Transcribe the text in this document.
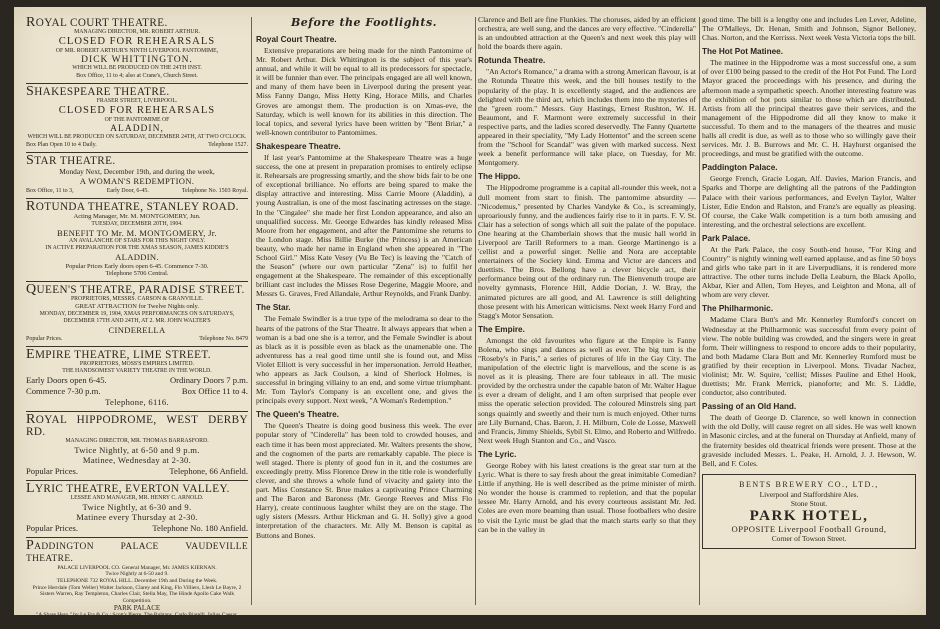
ROYAL COURT THEATRE.
MANAGING DIRECTOR, MR. ROBERT ARTHUR.
CLOSED FOR REHEARSALS
OF MR. ROBERT ARTHUR'S NINTH LIVERPOOL PANTOMIME,
DICK WHITTINGTON.
WHICH WILL BE PRODUCED ON THE 24TH INST.
Box Office, 11 to 4; also at Crane's, Church Street.
SHAKESPEARE THEATRE.
FRASER STREET, LIVERPOOL.
CLOSED FOR REHEARSALS
OF THE PANTOMIME OF
ALADDIN,
WHICH WILL BE PRODUCED ON SATURDAY, DECEMBER 24TH, AT TWO O'CLOCK.
Box Plan Open 10 to 4 Daily.	Telephone 1527.
STAR THEATRE.
Monday Next, December 19th, and during the week,
A WOMAN'S REDEMPTION.
Box Office, 11 to 3,	Early Door, 6-45.	Telephone No. 1503 Royal.
ROTUNDA THEATRE, STANLEY ROAD.
Acting Manager, Mr. M. MONTGOMERY, Jun.
TUESDAY, DECEMBER 20TH, 1904.
BENEFIT TO Mr. M. MONTGOMERY, Jr.
AN AVALANCHE OF STARS FOR THIS NIGHT ONLY.
IN ACTIVE PREPARATION FOR THE XMAS SEASON, JAMES KIDDIE'S
ALADDIN.
Popular Prices Early doors open 6-45. Commence 7-30.
Telephone 5706 Central.
QUEEN'S THEATRE, PARADISE STREET.
PROPRIETORS, MESSRS. CARSON & GRANVILLE.
GREAT ATTRACTION for Twelve Nights only.
MONDAY, DECEMBER 19, 1904, XMAS PERFORMANCES ON SATURDAYS, DECEMBER 17TH AND 24TH, AT 2. MR. JOHN WALTER'S
CINDERELLA
Popular Prices.	Telephone No. 8479
EMPIRE THEATRE, LIME STREET.
PROPRIETORS, MOSS'S EMPIRES LIMITED.
THE HANDSOMEST VARIETY THEATRE IN THE WORLD.
Early Doors open 6-45.	Ordinary Doors 7 p.m.
Commence 7-30 p.m.	Box Office 11 to 4.
Telephone, 6116.
ROYAL HIPPODROME, WEST DERBY RD.
MANAGING DIRECTOR, MR. THOMAS BARRASFORD.
Twice Nightly, at 6-50 and 9 p.m.
Matinee, Wednesday at 2-30.
Popular Prices.	Telephone, 66 Anfield.
LYRIC THEATRE, EVERTON VALLEY.
LESSEE AND MANAGER, MR. HENRY C. ARNOLD.
Twice Nightly, at 6-30 and 9.
Matinee every Thursday at 2-30.
Popular Prices.	Telephone No. 180 Anfield.
PADDINGTON PALACE VAUDEVILLE THEATRE.
PALACE LIVERPOOL CO. General Manager, Mr. JAMES KIERNAN.
Twice Nightly at 6-50 and 9.
TELEPHONE 732 ROYAL HILL. December 19th and During the Week.
Prince Herrdale (Tom Weller) Walter Jackson, Clarey and King, Flo Villiers, Llesh Le Bayre, 2 Sisters Warren, Ray Templeton, Charles Clair, Stella May, The Hinde Apollo Cake Walk Competition.
PARK PALACE
"A Share Hero," by Le Fra & Co.; Scott's Pierre, The Ruhtans, Carlo Biarelli, Julius Caesar, O'Connor and Brayne, J. P. Kennedy & Co, Bergi Stage.
Before the Footlights.
Royal Court Theatre.

Extensive preparations are being made for the ninth Pantomime of Mr. Robert Arthur. Dick Whittington is the subject of this year's annual, and while it will be equal to all its predecessors for spectacle, it will be funnier than ever. The principals engaged are all well known, and many of them have been in Liverpool during the present year. Miss Fanny Dango, Miss Hetty King, Horace Mills, and Charles Groves are amongst them. The production is on Xmas-eve, the Saturday, which is well known for its abilities in this direction. The local topics, and several lyrics have been written by "Bent Briar," a well-known contributor to Pantomimes.

Shakespeare Theatre.

If last year's Pantomime at the Shakespeare Theatre was a huge success, the one at present in preparation promises to entirely eclipse it. Rehearsals are progressing smartly, and the show bids fair to be one of exceptional brilliance. No efforts are being spared to make the display attractive and interesting. Miss Carrie Moore (Aladdin), a young Australian, is one of the most fascinating actresses on the stage. In the "Cingalee" she made her first London appearance, and also an unqualified success. Mr. George Edwardes has kindly released Miss Moore from her engagement, and after the Pantomime she returns to the London stage. Miss Billie Burke (the Princess) is an American beauty, who made her name in England when she appeared in "The School Girl." Miss Kate Vesey (Vu Be Tec) is leaving the "Catch of the Season" (where our own particular "Zena" is) to fulfil her engagement at the Shakespeare. The remainder of this exceptionally brilliant cast includes the Misses Rose Degerine, Maggie Moore, and Messrs G. Graves, Fred Allandale, Arthur Reynolds, and Frank Danby.

The Star.

The Female Swindler is a true type of the melodrama so dear to the hearts of the patrons of the Star Theatre. It always appears that when a woman is a bad one she is a terror, and the Female Swindler is about as black as it is possible even as black as the unamenable one. The adventuress has a real good time until she is found out, and Miss Violet Elliott is very successful in her impersonation. Jerrold Heather, who appears as Jack Coulson, a kind of Sherlock Holmes, is successful in bringing villainy to an end, and some virtue triumphant. Mr. Tom Taylor's Company is an excellent one, and gives the principals every support. Next week, "A Woman's Redemption."

The Queen's Theatre.

The Queen's Theatre is doing good business this week. The ever popular story of "Cinderella" has been told to crowded houses, and each time it has been most appreciated. Mr. Walters presents the show, and the cognomen of the parts are remarkably capable. The piece is well staged. There is plenty of good fun in it, and the costumes are exceedingly pretty. Miss Florence Drew in the title role is wonderfully clever, and she throws a whole fund of vivacity and gaiety into the part. Miss Constance St. Brue makes a captivating Prince Charming and The Baron and Baroness (Mr. George Reeves and Miss Flo Harry), create continuous laughter whilst they are on the stage. The ugly sisters (Messrs. Arthur Hickman and G. H. Solly) give a good interpretation of the characters. Mr. Ally M. Benson is capital as Buttons and Bones.

Clarence and Bell are fine Flunkies. The choruses, aided by an efficient orchestra, are well sung, and the dances are very effective. "Cinderella" is an undoubted attraction at the Queen's and next week this play will hold the boards there again.

Rotunda Theatre.

"An Actor's Romance," a drama with a strong American flavour, is at the Rotunda Theatre this week, and the bill houses testify to the popularity of the play. It is excellently staged, and the audiences are delighted with the third act, which includes them into the mysteries of the "green room." Messrs. Guy Hastings, Ernest Rushton, W. H. Beaumont, and F. Marmont were extremely successful in their respective parts, and the ladies scored deservedly. The Fanny Quartette appeared in their speciality, "My Lady Hottentot" and the screen scene from the "School for Scandal" was given with marked success. Next week a benefit performance will take place, on Tuesday, for Mr. Montgomery.

The Hippo.

The Hippodrome programme is a capital all-rounder this week, not a dull moment from start to finish. The pantomime absurdity — "Nicodemus," presented by Charles Vandyke & Co., is screamingly, uproariously funny, and the audiences fairly rise to it in parts. F. V. St. Clair has a selection of songs which all suit the palate of the populace. One hearing at the Chamberlain shows that the music hall world in Liverpool are Tarill Reformers to a man. George Martinengo is a 'cellist and a powerful singer. Nellie and Nora are acceptable entertainers of the Society kind. Emma and Victor are dancers and duettists. The Bros. Bellong have a clever bicycle act, their performance being out of the ordinary run. The Bienvenuth troupe are novelty gymnasts, Florence Hill, Addie Dorian, J. W. Bray, the animated pictures are all good, and Al. Lawrence is still delighting those present with his American witticisms. Next week Harry Ford and Stagg's Motor Sensation.

The Empire.

Amongst the old favourites who figure at the Empire is Fanny Bolena, who sings and dances as well as ever. The big turn is the "Roseby's in Paris," a series of pictures of life in the Gay City. The manipulation of the electric light is marvellous, and the scene is as novel as it is pleasing. There are four tableaux in all. The music provided by the orchestra under the capable baton of Mr. Walter Hague is ever a dream of delight, and I am often surprised that people ever miss the operatic selection provided. The coloured Minstrels sing part songs quaintly and sweetly and their turn is much enjoyed. Other turns are Lily Burnand, Chas. Baron, J. H. Milburn, Cole de Losse, Maxwell and Francis, Jimmy Shields, Sybil St. Elmo, and Roberto and Wilfredo. Next week Hugh Stanton and Co., and Vasco.

The Lyric.

George Robey with his latest creations is the great star turn at the Lyric. What is there to say fresh about the great inimitable Comedian? Little if anything. He is well described as the prime minister of mirth. No wonder the house is crammed to repletion, and that the popular lessee Mr. Harry Arnold, and his every courteous assistant Mr. Jed. Coles are even more beaming than usual. Those footballers who desire to visit the Lyric must be glad that the match starts early so that they can be in the valley in

good time. The bill is a lengthy one and includes Len Lever, Adeline, The O'Malleys, Dr. Henan, Smith and Johnson, Signor Belloney, Chas. Norton, and the Kerrisss. Next week Vesta Victoria tops the bill.

The Hot Pot Matinee.

The matinee in the Hippodrome was a most successful one, a sum of over £100 being passed to the credit of the Hot Pot Fund. The Lord Mayor graced the proceedings with his presence, and during the afternoon made a sympathetic speech. Another interesting feature was the exhibition of hot pots similar to those which are distributed. Artists from all the principal theatres gave their services, and the management of the Hippodrome did all they know to make it successful. To them and to the managers of the theatres and music halls all credit is due, as well as to those who so willingly gave their services. Mr. J. B. Burrows and Mr. C. H. Hayhurst organised the proceedings, and must be gratified with the outcome.

Paddington Palace.

George French, Gracie Logan, Alf. Davies, Marion Francis, and Sparks and Thorpe are delighting all the patrons of the Paddington Palace with their various performances, and Evelyn Taylor, Walter Lister, Edie Endon and Ralston, and Franz's are equally as pleasing. Of course, the Cake Walk competition is a turn both amusing and interesting, and the orchestral selections are excellent.

Park Palace.

At the Park Palace, the cosy South-end house, "For King and Country" is nightly winning well earned applause, and as fine 50 boys and girls who take part in it are Liverpudlians, it is rendered more attractive. The other turns include Della Leaburn, the Black Apollo, Akbar, Kier and Allen, Tom Heyes, and Leighton and Mona, all of whom are very clever.

The Philharmonic.

Madame Clara Butt's and Mr. Kennerley Rumford's concert on Wednesday at the Philharmonic was successful from every point of view. The noble building was crowded, and the singers were in great form. Their willingness to respond to encore adds to their popularity, and both Madame Clara Butt and Mr. Kennerley Rumford must be gratified by their reception in Liverpool. Mons. Tivadar Nachez, violinist; Mr. W. Squire, 'cellist; Misses Pauline and Ethel Hook, duettists; Mr. Frank Merrick, pianoforte; and Mr. S. Liddle, conductor, also contributed.

Passing of an Old Hand.

The death of George D. Clarence, so well known in connection with the old Dolly, will cause regret on all sides. He was well known in Masonic circles, and at the funeral on Thursday at Anfield, many of the fraternity besides old theatrical friends were present. Those at the graveside included Messrs. L. Peake, H. Arnold, J. J. Hewson, W. Bell, and F. Coles.

BENTS BREWERY CO., LTD.,
Liverpool and Staffordshire Ales.
Stone Stout.
PARK HOTEL,
OPPOSITE Liverpool Football Ground,
Corner of Towson Street.
